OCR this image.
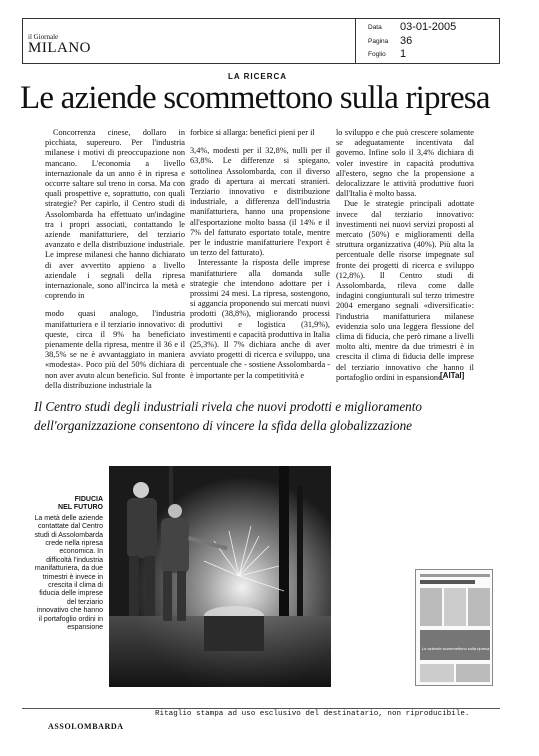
il Giornale
MILANO
Data 03-01-2005
Pagina 36
Foglio 1
LA RICERCA
Le aziende scommettono sulla ripresa

Concorrenza cinese, dollaro in picchiata, supereuro. Per l'industria milanese i motivi di preoccupazione non mancano. L'economia a livello internazionale da un anno è in ripresa e occorre saltare sul treno in corsa. Ma con quali prospettive e, soprattutto, con quali strategie? Per capirlo, il Centro studi di Assolombarda ha effettuato un'indagine tra i propri associati, contattando le aziende manifatturiere, del terziario avanzato e della distribuzione industriale. Le imprese milanesi che hanno dichiarato di aver avvertito appieno a livello aziendale i segnali della ripresa internazionale, sono all'incirca la metà e coprendo in

modo quasi analogo, l'industria manifatturiera e il terziario innovativo: di queste, circa il 9% ha beneficiato pienamente della ripresa, mentre il 36 e il 38,5% se ne è avvantaggiato in maniera «modesta». Poco più del 50% dichiara di non aver avuto alcun beneficio. Sul fronte della distribuzione industriale la

forbice si allarga: benefici pieni per il

3,4%, modesti per il 32,8%, nulli per il 63,8%. Le differenze si spiegano, sottolinea Assolombarda, con il diverso grado di apertura ai mercati stranieri. Terziario innovativo e distribuzione industriale, a differenza dell'industria manifatturiera, hanno una propensione all'esportazione molto bassa (il 14% e il 7% del fatturato esportato totale, mentre per le industrie manifatturiere l'export è un terzo del fatturato).

Interessante la risposta delle imprese manifatturiere alla domanda sulle strategie che intendono adottare per i prossimi 24 mesi. La ripresa, sostengono, si aggancia proponendo sui mercati nuovi prodotti (38,8%), migliorando processi produttivi e logistica (31,9%), investimenti e capacità produttiva in Italia (25,3%). Il 7% dichiara anche di aver avviato progetti di ricerca e sviluppo, una percentuale che - sostiene Assolombarda - è importante per la competitività e

lo sviluppo e che può crescere solamente se adeguatamente incentivata dal governo. Infine solo il 3,4% dichiara di voler investire in capacità produttiva all'estero, segno che la propensione a delocalizzare le attività produttive fuori dall'Italia è molto bassa.

Due le strategie principali adottate invece dal terziario innovativo: investimenti nei nuovi servizi proposti al mercato (50%) e miglioramenti della struttura organizzativa (40%). Più alta la percentuale delle risorse impegnate sul fronte dei progetti di ricerca e sviluppo (12,8%). Il Centro studi di Assolombarda, rileva come dalle indagini congiunturali sul terzo trimestre 2004 emergano segnali «diversificati»: l'industria manifatturiera milanese evidenzia solo una leggera flessione del clima di fiducia, che però rimane a livelli molto alti, mentre da due trimestri è in crescita il clima di fiducia delle imprese del terziario innovativo che hanno il portafoglio ordini in espansione.

[AlTal]
Il Centro studi degli industriali rivela che nuovi prodotti e miglioramento dell'organizzazione consentono di vincere la sfida della globalizzazione
FIDUCIA
NEL FUTURO
La metà delle aziende contattate dal Centro studi di Assolombarda crede nella ripresa economica. In difficoltà l'industria manifatturiera, da due trimestri è invece in crescita il clima di fiducia delle imprese del terziario innovativo che hanno il portafoglio ordini in espansione
Le aziende scommettono sulla ripresa
Ritaglio stampa ad uso esclusivo del destinatario, non riproducibile.
ASSOLOMBARDA
